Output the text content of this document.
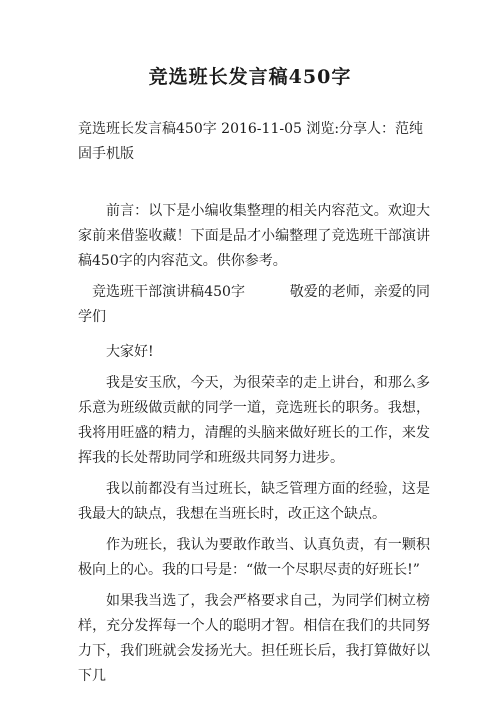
竞选班长发言稿450字

竞选班长发言稿450字 2016-11-05 浏览:分享人：范纯固手机版

前言：以下是小编收集整理的相关内容范文。欢迎大家前来借鉴收藏！下面是品才小编整理了竞选班干部演讲稿450字的内容范文。供你参考。

竞选班干部演讲稿450字          敬爱的老师，亲爱的同学们

大家好!

我是安玉欣，今天，为很荣幸的走上讲台，和那么多乐意为班级做贡献的同学一道，竞选班长的职务。我想，我将用旺盛的精力，清醒的头脑来做好班长的工作，来发挥我的长处帮助同学和班级共同努力进步。

我以前都没有当过班长，缺乏管理方面的经验，这是我最大的缺点，我想在当班长时，改正这个缺点。

作为班长，我认为要敢作敢当、认真负责，有一颗积极向上的心。我的口号是：“做一个尽职尽责的好班长!”

如果我当选了，我会严格要求自己，为同学们树立榜样，充分发挥每一个人的聪明才智。相信在我们的共同努力下，我们班就会发扬光大。担任班长后，我打算做好以下几
